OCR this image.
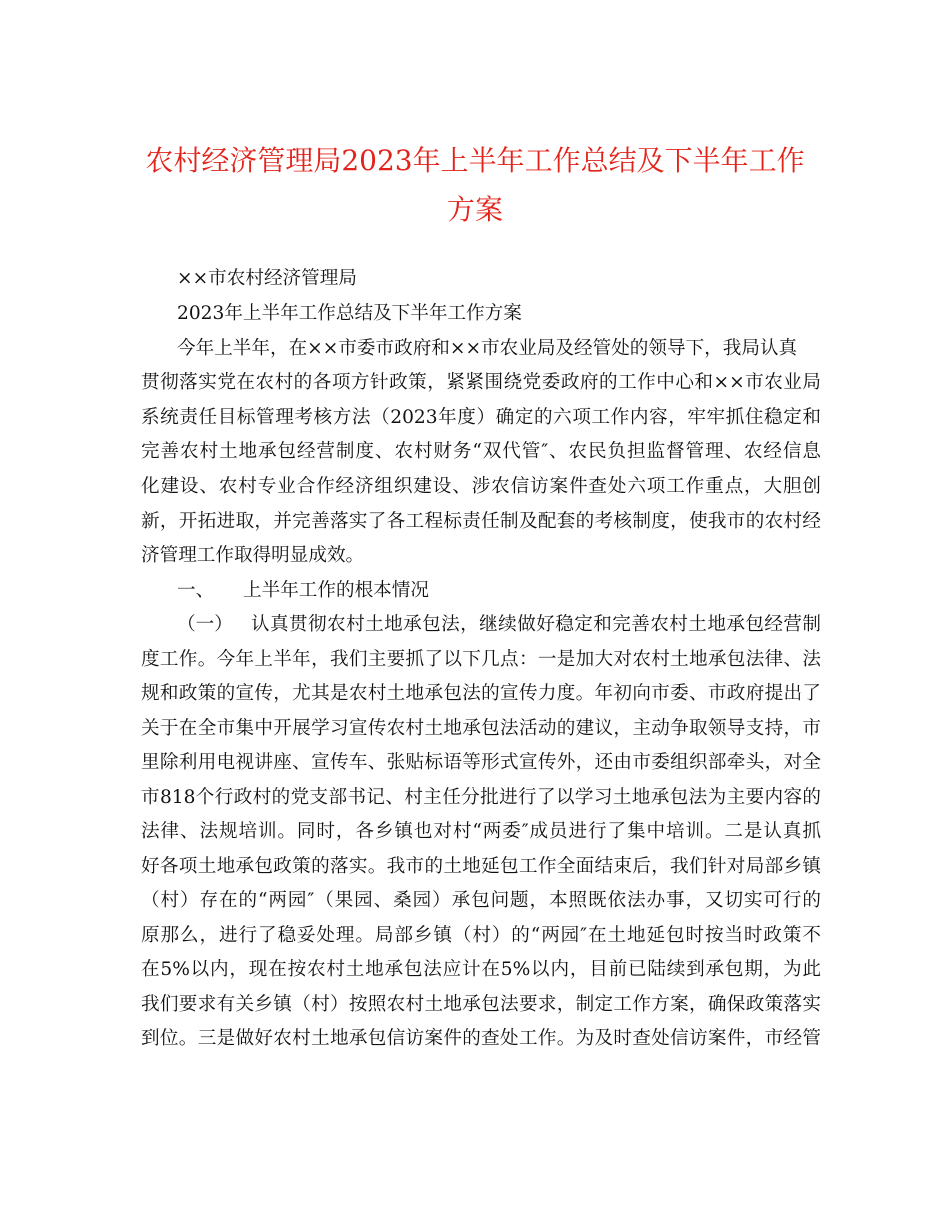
农村经济管理局2023年上半年工作总结及下半年工作
方案
××市农村经济管理局
2023年上半年工作总结及下半年工作方案
今年上半年，在××市委市政府和××市农业局及经管处的领导下，我局认真
贯彻落实党在农村的各项方针政策，紧紧围绕党委政府的工作中心和××市农业局
系统责任目标管理考核方法（2023年度）确定的六项工作内容，牢牢抓住稳定和
完善农村土地承包经营制度、农村财务“双代管″、农民负担监督管理、农经信息
化建设、农村专业合作经济组织建设、涉农信访案件查处六项工作重点，大胆创
新，开拓进取，并完善落实了各工程标责任制及配套的考核制度，使我市的农村经
济管理工作取得明显成效。
一、 上半年工作的根本情况
（一） 认真贯彻农村土地承包法，继续做好稳定和完善农村土地承包经营制
度工作。今年上半年，我们主要抓了以下几点：一是加大对农村土地承包法律、法
规和政策的宣传，尤其是农村土地承包法的宣传力度。年初向市委、市政府提出了
关于在全市集中开展学习宣传农村土地承包法活动的建议，主动争取领导支持，市
里除利用电视讲座、宣传车、张贴标语等形式宣传外，还由市委组织部牵头，对全
市818个行政村的党支部书记、村主任分批进行了以学习土地承包法为主要内容的
法律、法规培训。同时，各乡镇也对村“两委″成员进行了集中培训。二是认真抓
好各项土地承包政策的落实。我市的土地延包工作全面结束后，我们针对局部乡镇
（村）存在的“两园″（果园、桑园）承包问题，本照既依法办事，又切实可行的
原那么，进行了稳妥处理。局部乡镇（村）的“两园″在土地延包时按当时政策不
在5%以内，现在按农村土地承包法应计在5%以内，目前已陆续到承包期，为此
我们要求有关乡镇（村）按照农村土地承包法要求，制定工作方案，确保政策落实
到位。三是做好农村土地承包信访案件的查处工作。为及时查处信访案件，市经管
